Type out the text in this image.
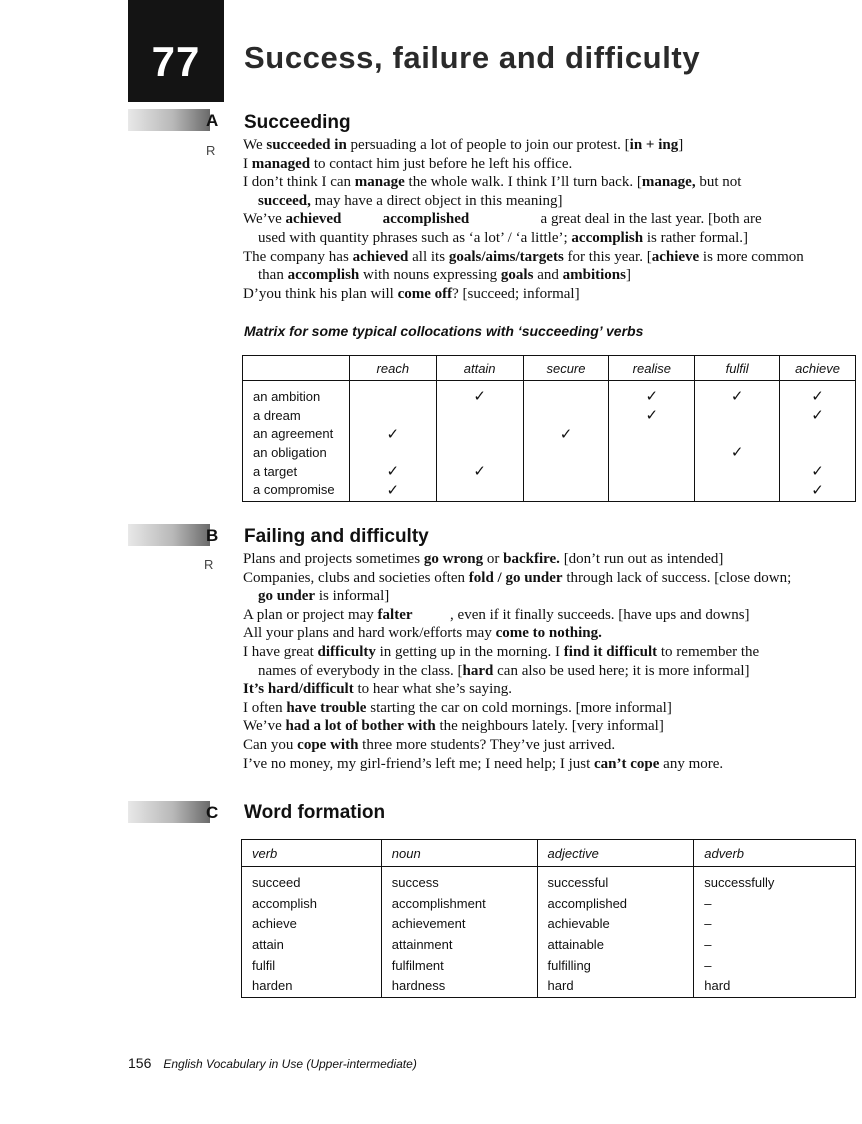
77 Success, failure and difficulty
A
R
Succeeding
We succeeded in persuading a lot of people to join our protest. [in + ing]
I managed to contact him just before he left his office.
I don’t think I can manage the whole walk. I think I’ll turn back. [manage, but not
succeed, may have a direct object in this meaning]
We’ve achieved	accomplished                   a great deal in the last year. [both are
used with quantity phrases such as ‘a lot’ / ‘a little’; accomplish is rather formal.]
The company has achieved all its goals/aims/targets for this year. [achieve is more common
than accomplish with nouns expressing goals and ambitions]
D’you think his plan will come off? [succeed; informal]
Matrix for some typical collocations with ‘succeeding’ verbs
	reach	attain	secure	realise	fulfil	achieve
an ambition		✓		✓	✓	✓
a dream				✓		✓
an agreement	✓		✓			
an obligation					✓	
a target	✓	✓				✓
a compromise	✓					✓
B
R
Failing and difficulty
Plans and projects sometimes go wrong or backfire. [don’t run out as intended]
Companies, clubs and societies often fold / go under through lack of success. [close down;
go under is informal]
A plan or project may falter          , even if it finally succeeds. [have ups and downs]
All your plans and hard work/efforts may come to nothing.
I have great difficulty in getting up in the morning. I find it difficult to remember the
names of everybody in the class. [hard can also be used here; it is more informal]
It’s hard/difficult to hear what she’s saying.
I often have trouble starting the car on cold mornings. [more informal]
We’ve had a lot of bother with the neighbours lately. [very informal]
Can you cope with three more students? They’ve just arrived.
I’ve no money, my girl-friend’s left me; I need help; I just can’t cope any more.
C Word formation
verb	noun	adjective	adverb
succeed	success	successful	successfully
accomplish	accomplishment	accomplished	–
achieve	achievement	achievable	–
attain	attainment	attainable	–
fulfil	fulfilment	fulfilling	–
harden	hardness	hard	hard
156 English Vocabulary in Use (Upper-intermediate)
